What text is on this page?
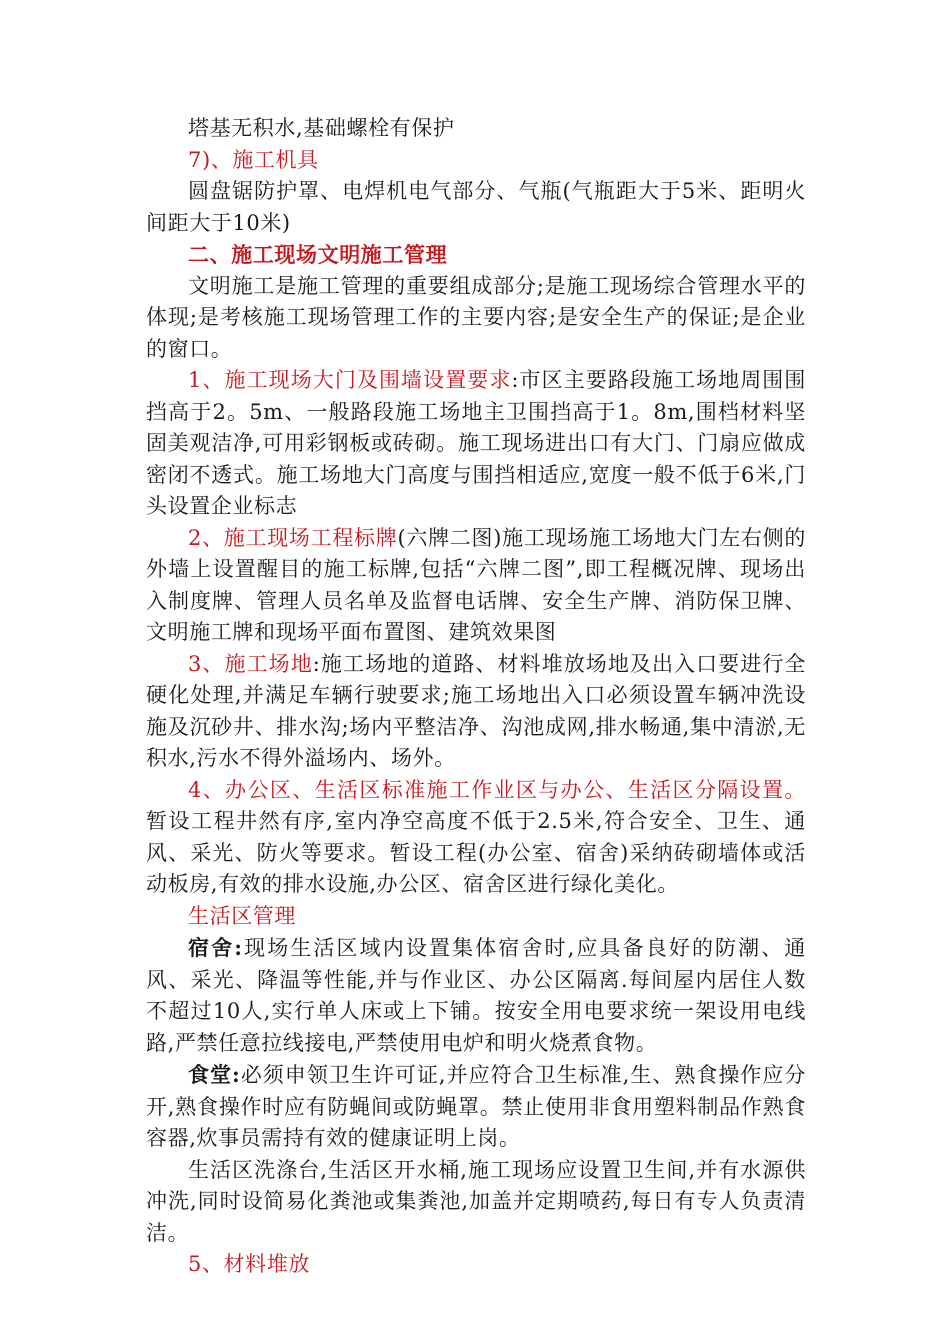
塔基无积水,基础螺栓有保护

7)、施工机具

圆盘锯防护罩、电焊机电气部分、气瓶(气瓶距大于5米、距明火间距大于10米)

二、施工现场文明施工管理

文明施工是施工管理的重要组成部分;是施工现场综合管理水平的体现;是考核施工现场管理工作的主要内容;是安全生产的保证;是企业的窗口。

1、施工现场大门及围墙设置要求:市区主要路段施工场地周围围挡高于2。5m、一般路段施工场地主卫围挡高于1。8m,围档材料坚固美观洁净,可用彩钢板或砖砌。施工现场进出口有大门、门扇应做成密闭不透式。施工场地大门高度与围挡相适应,宽度一般不低于6米,门头设置企业标志

2、施工现场工程标牌(六牌二图)施工现场施工场地大门左右侧的外墙上设置醒目的施工标牌,包括“六牌二图”,即工程概况牌、现场出入制度牌、管理人员名单及监督电话牌、安全生产牌、消防保卫牌、文明施工牌和现场平面布置图、建筑效果图

3、施工场地:施工场地的道路、材料堆放场地及出入口要进行全硬化处理,并满足车辆行驶要求;施工场地出入口必须设置车辆冲洗设施及沉砂井、排水沟;场内平整洁净、沟池成网,排水畅通,集中清淤,无积水,污水不得外溢场内、场外。

4、办公区、生活区标准施工作业区与办公、生活区分隔设置。暂设工程井然有序,室内净空高度不低于2.5米,符合安全、卫生、通风、采光、防火等要求。暂设工程(办公室、宿舍)采纳砖砌墙体或活动板房,有效的排水设施,办公区、宿舍区进行绿化美化。

生活区管理

宿舍:现场生活区域内设置集体宿舍时,应具备良好的防潮、通风、采光、降温等性能,并与作业区、办公区隔离.每间屋内居住人数不超过10人,实行单人床或上下铺。按安全用电要求统一架设用电线路,严禁任意拉线接电,严禁使用电炉和明火烧煮食物。

食堂:必须申领卫生许可证,并应符合卫生标准,生、熟食操作应分开,熟食操作时应有防蝇间或防蝇罩。禁止使用非食用塑料制品作熟食容器,炊事员需持有效的健康证明上岗。

生活区洗涤台,生活区开水桶,施工现场应设置卫生间,并有水源供冲洗,同时设简易化粪池或集粪池,加盖并定期喷药,每日有专人负责清洁。

5、材料堆放
